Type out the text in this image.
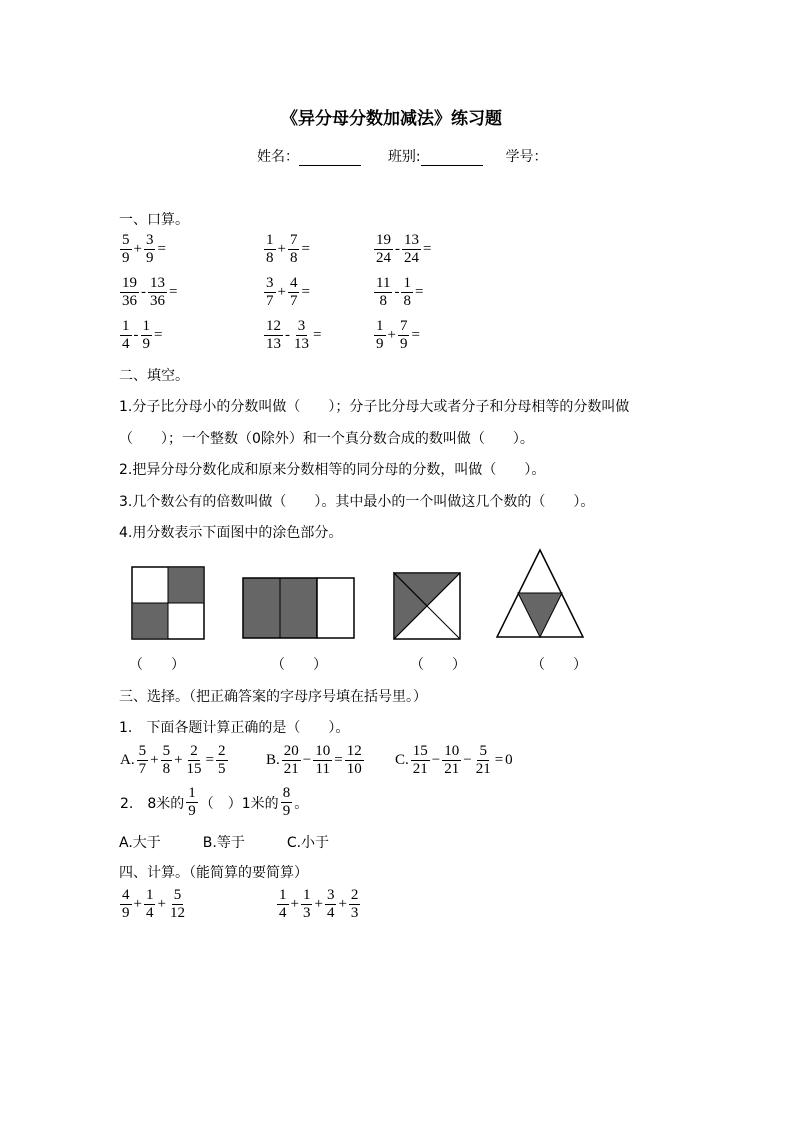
《异分母分数加减法》练习题
姓名：	班别:	学号：
一、口算。
$\frac{5}{9} + \frac{3}{9}$ =	$\frac{1}{8} + \frac{7}{8}$ =	$\frac{19}{24} - \frac{13}{24}$ =
$\frac{19}{36} - \frac{13}{36}$ =	$\frac{3}{7} + \frac{4}{7}$ =	$\frac{11}{8} - \frac{1}{8}$ =
$\frac{1}{4} - \frac{1}{9}$ =	$\frac{12}{13} - \frac{3}{13}$ =	$\frac{1}{9} + \frac{7}{9}$ =
二、填空。
1.分子比分母小的分数叫做（　　）；分子比分母大或者分子和分母相等的分数叫做
（　　）；一个整数（0除外）和一个真分数合成的数叫做（　　）。
2.把异分母分数化成和原来分数相等的同分母的分数，叫做（　　）。
3.几个数公有的倍数叫做（　　）。其中最小的一个叫做这几个数的（　　）。
4.用分数表示下面图中的涂色部分。
（　　）	（　　）	（　　）	（　　）
三、选择。（把正确答案的字母序号填在括号里。）
1.　下面各题计算正确的是（　　）。
A. $\frac{5}{7} + \frac{5}{8} + \frac{2}{15} = \frac{2}{5}$	B. $\frac{20}{21} - \frac{10}{11} = \frac{12}{10} C$. $\frac{15}{21} - \frac{10}{21} - \frac{5}{21} = 0$
2.　8米的 $\frac{1}{9}$ （　）1米的 $\frac{8}{9}$ 。
A.大于　　　B.等于　　　C.小于
四、计算。（能简算的要简算）
$\frac{4}{9} + \frac{1}{4} + \frac{5}{12}$	$\frac{1}{4} + \frac{1}{3} + \frac{3}{4} + \frac{2}{3}$
